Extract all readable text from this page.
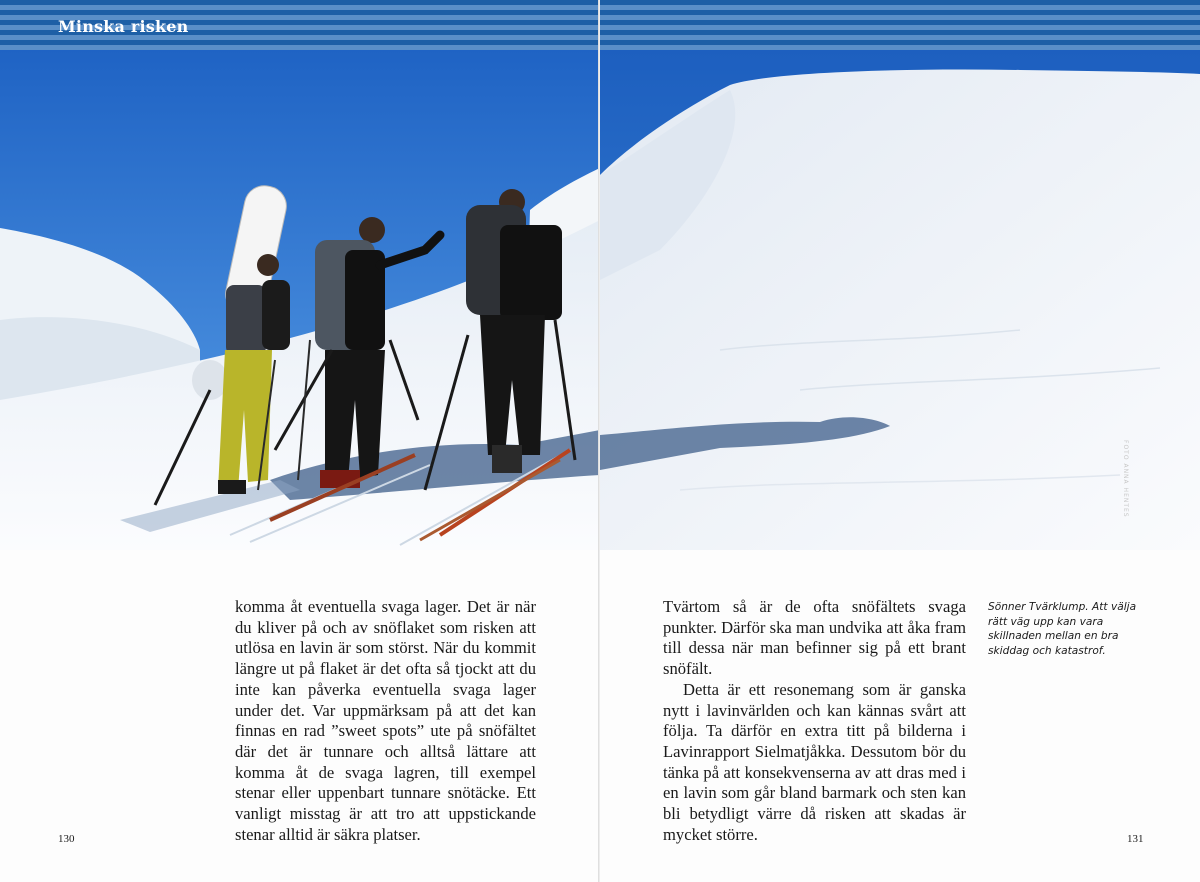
Minska risken

komma åt eventuella svaga lager. Det är när du kliver på och av snöflaket som risken att utlösa en lavin är som störst. När du kommit längre ut på flaket är det ofta så tjockt att du inte kan påverka eventuella svaga lager under det. Var uppmärksam på att det kan finnas en rad ”sweet spots” ute på snöfältet där det är tunnare och alltså lättare att komma åt de svaga lagren, till exempel stenar eller uppenbart tunnare snötäcke. Ett vanligt misstag är att tro att uppstickande stenar alltid är säkra platser.

130
FOTO ANNA HENTES

Tvärtom så är de ofta snöfältets svaga punkter. Därför ska man undvika att åka fram till dessa när man befinner sig på ett brant snöfält.

Detta är ett resonemang som är ganska nytt i lavinvärlden och kan kännas svårt att följa. Ta därför en extra titt på bilderna i Lavinrapport Sielmatjåkka. Dessutom bör du tänka på att konsekvenserna av att dras med i en lavin som går bland barmark och sten kan bli betydligt värre då risken att skadas är mycket större.

Sönner Tvärklump. Att välja rätt väg upp kan vara skillnaden mellan en bra skiddag och katastrof.
131
